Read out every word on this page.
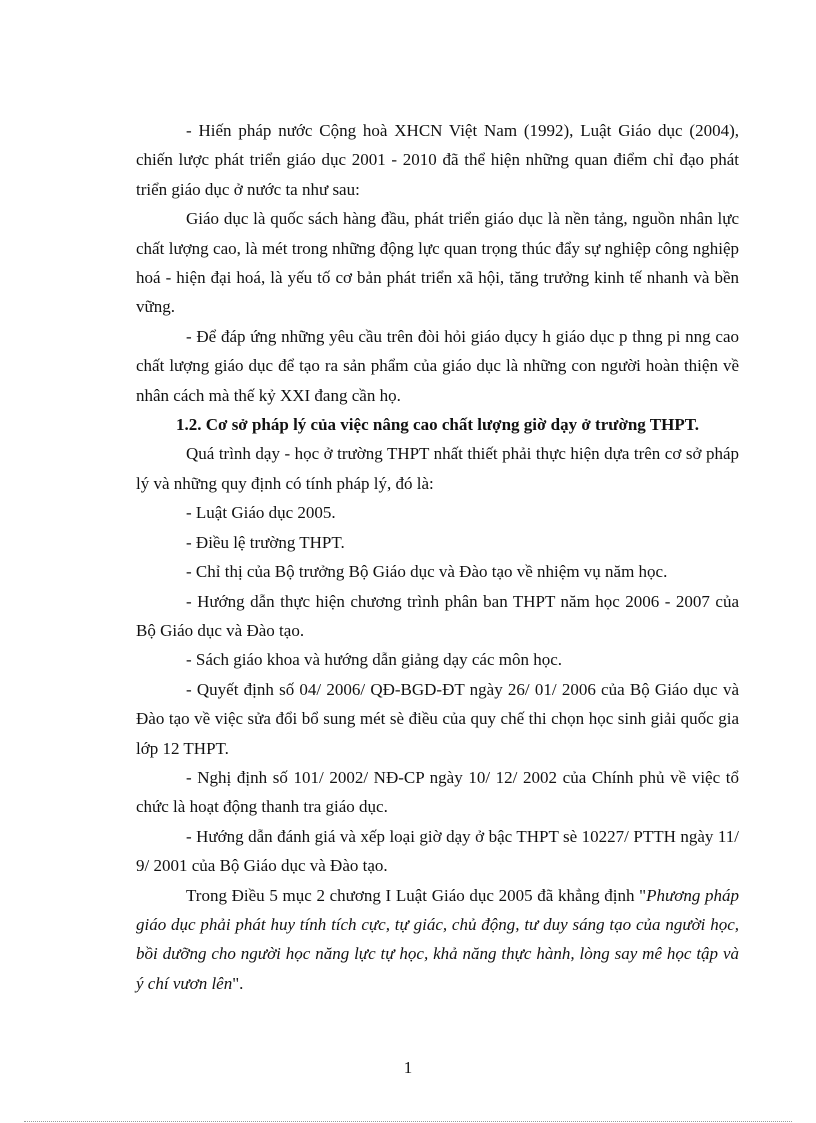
- Hiến pháp nước Cộng hoà XHCN Việt Nam (1992), Luật Giáo dục (2004), chiến lược phát triển giáo dục 2001 - 2010 đã thể hiện những quan điểm chỉ đạo phát triển giáo dục ở nước ta như sau:

Giáo dục là quốc sách hàng đầu, phát triển giáo dục là nền tảng, nguồn nhân lực chất lượng cao, là mét trong những động lực quan trọng thúc đẩy sự nghiệp công nghiệp hoá - hiện đại hoá, là yếu tố cơ bản phát triển xã hội, tăng trưởng kinh tế nhanh và bền vững.

- Để đáp ứng những yêu cầu trên đòi hỏi giáo dụcy h giáo dục p thng pi nng cao chất lượng giáo dục để tạo ra sản phẩm của giáo dục là những con người hoàn thiện về nhân cách mà thế kỷ XXI đang cần họ.

1.2. Cơ sở pháp lý của việc nâng cao chất lượng giờ dạy ở trường THPT.

Quá trình dạy - học ở trường THPT nhất thiết phải thực hiện dựa trên cơ sở pháp lý và những quy định có tính pháp lý, đó là:

- Luật Giáo dục 2005.

- Điều lệ trường THPT.

- Chỉ thị của Bộ trưởng Bộ Giáo dục và Đào tạo về nhiệm vụ năm học.

- Hướng dẫn thực hiện chương trình phân ban THPT năm học 2006 - 2007 của Bộ Giáo dục và Đào tạo.

- Sách giáo khoa và hướng dẫn giảng dạy các môn học.

- Quyết định số 04/ 2006/ QĐ-BGD-ĐT ngày 26/ 01/ 2006 của Bộ Giáo dục và Đào tạo về việc sửa đổi bổ sung mét sè điều của quy chế thi chọn học sinh giải quốc gia lớp 12 THPT.

- Nghị định số 101/ 2002/ NĐ-CP ngày 10/ 12/ 2002 của Chính phủ về việc tổ chức là hoạt động thanh tra giáo dục.

- Hướng dẫn đánh giá và xếp loại giờ dạy ở bậc THPT sè 10227/ PTTH ngày 11/ 9/ 2001 của Bộ Giáo dục và Đào tạo.

Trong Điều 5 mục 2 chương I Luật Giáo dục 2005 đã khẳng định "Phương pháp giáo dục phải phát huy tính tích cực, tự giác, chủ động, tư duy sáng tạo của người học, bồi dưỡng cho người học năng lực tự học, khả năng thực hành, lòng say mê học tập và ý chí vươn lên".

1
